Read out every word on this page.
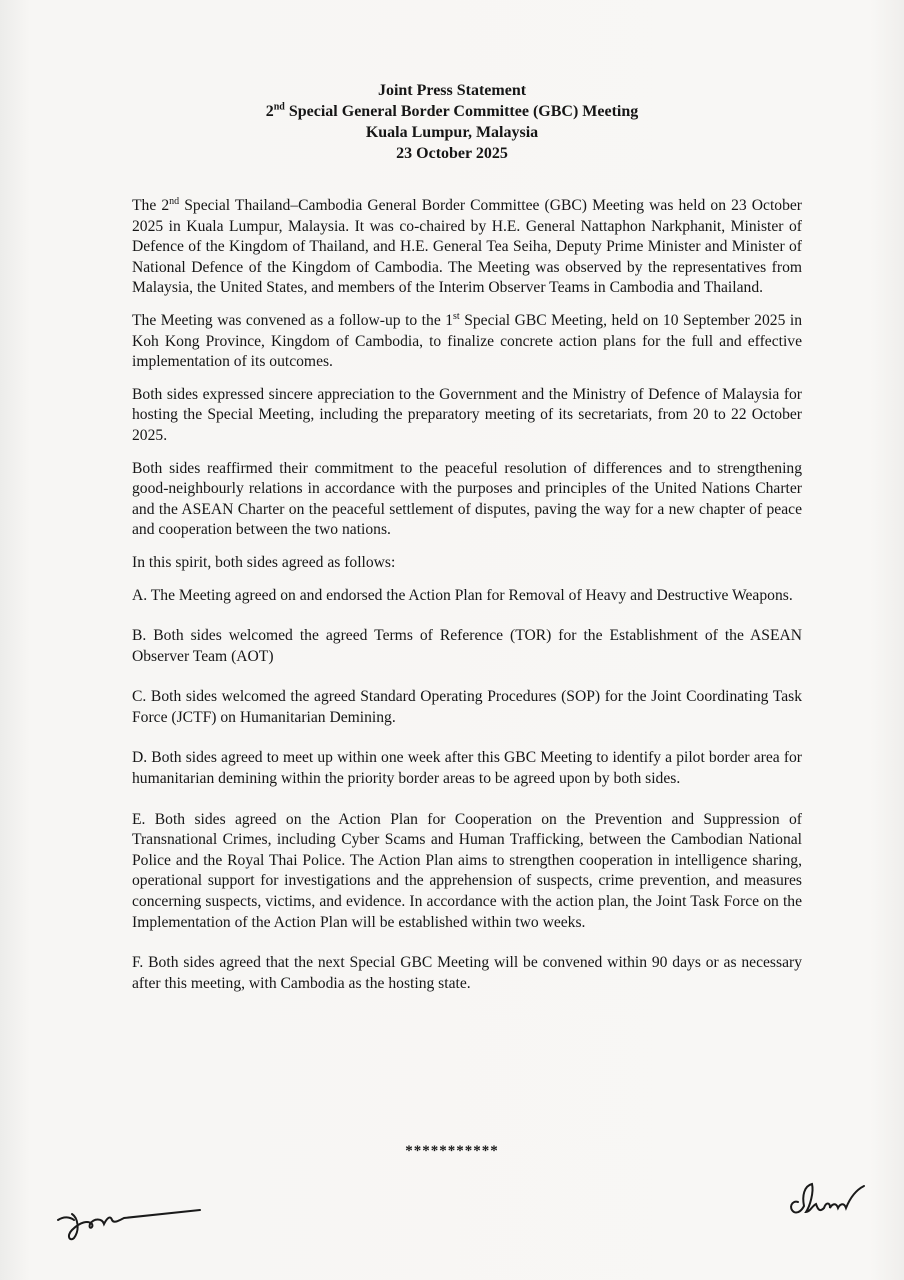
Joint Press Statement
2nd Special General Border Committee (GBC) Meeting
Kuala Lumpur, Malaysia
23 October 2025

The 2nd Special Thailand–Cambodia General Border Committee (GBC) Meeting was held on 23 October 2025 in Kuala Lumpur, Malaysia. It was co-chaired by H.E. General Nattaphon Narkphanit, Minister of Defence of the Kingdom of Thailand, and H.E. General Tea Seiha, Deputy Prime Minister and Minister of National Defence of the Kingdom of Cambodia. The Meeting was observed by the representatives from Malaysia, the United States, and members of the Interim Observer Teams in Cambodia and Thailand.

The Meeting was convened as a follow-up to the 1st Special GBC Meeting, held on 10 September 2025 in Koh Kong Province, Kingdom of Cambodia, to finalize concrete action plans for the full and effective implementation of its outcomes.

Both sides expressed sincere appreciation to the Government and the Ministry of Defence of Malaysia for hosting the Special Meeting, including the preparatory meeting of its secretariats, from 20 to 22 October 2025.

Both sides reaffirmed their commitment to the peaceful resolution of differences and to strengthening good-neighbourly relations in accordance with the purposes and principles of the United Nations Charter and the ASEAN Charter on the peaceful settlement of disputes, paving the way for a new chapter of peace and cooperation between the two nations.

In this spirit, both sides agreed as follows:

A. The Meeting agreed on and endorsed the Action Plan for Removal of Heavy and Destructive Weapons.

B. Both sides welcomed the agreed Terms of Reference (TOR) for the Establishment of the ASEAN Observer Team (AOT)

C. Both sides welcomed the agreed Standard Operating Procedures (SOP) for the Joint Coordinating Task Force (JCTF) on Humanitarian Demining.

D. Both sides agreed to meet up within one week after this GBC Meeting to identify a pilot border area for humanitarian demining within the priority border areas to be agreed upon by both sides.

E. Both sides agreed on the Action Plan for Cooperation on the Prevention and Suppression of Transnational Crimes, including Cyber Scams and Human Trafficking, between the Cambodian National Police and the Royal Thai Police. The Action Plan aims to strengthen cooperation in intelligence sharing, operational support for investigations and the apprehension of suspects, crime prevention, and measures concerning suspects, victims, and evidence. In accordance with the action plan, the Joint Task Force on the Implementation of the Action Plan will be established within two weeks.

F. Both sides agreed that the next Special GBC Meeting will be convened within 90 days or as necessary after this meeting, with Cambodia as the hosting state.

***********
